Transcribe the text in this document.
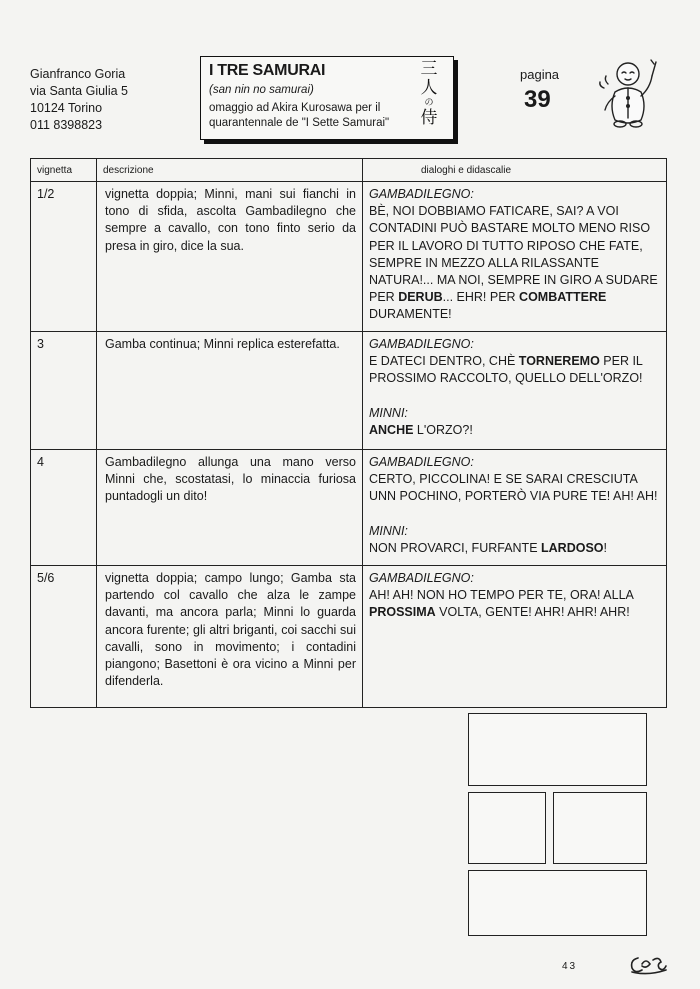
Gianfranco Goria
via Santa Giulia 5
10124 Torino
011 8398823
I TRE SAMURAI
(san nin no samurai)
omaggio ad Akira Kurosawa per il
quarantennale de "I Sette Samurai"
三
人
の
侍
pagina
39
vignetta	descrizione	dialoghi e didascalie
1/2	vignetta doppia; Minni, mani sui fianchi in tono di sfida, ascolta Gambadilegno che sempre a cavallo, con tono finto serio da presa in giro, dice la sua.	GAMBADILEGNO:
BÈ, NOI DOBBIAMO FATICARE, SAI? A VOI CONTADINI PUÒ BASTARE MOLTO MENO RISO PER IL LAVORO DI TUTTO RIPOSO CHE FATE, SEMPRE IN MEZZO ALLA RILASSANTE NATURA!... MA NOI, SEMPRE IN GIRO A SUDARE PER DERUB... EHR! PER COMBATTERE DURAMENTE!

3	Gamba continua; Minni replica esterefatta.	GAMBADILEGNO:
E DATECI DENTRO, CHÈ TORNEREMO PER IL PROSSIMO RACCOLTO, QUELLO DELL'ORZO!
MINNI:
ANCHE L'ORZO?!

4	Gambadilegno allunga una mano verso Minni che, scostatasi, lo minaccia furiosa puntadogli un dito!	GAMBADILEGNO:
CERTO, PICCOLINA! E SE SARAI CRESCIUTA UNN POCHINO, PORTERÒ VIA PURE TE! AH! AH!
MINNI:
NON PROVARCI, FURFANTE LARDOSO!

5/6	vignetta doppia; campo lungo; Gamba sta partendo col cavallo che alza le zampe davanti, ma ancora parla; Minni lo guarda ancora furente; gli altri briganti, coi sacchi sui cavalli, sono in movimento; i contadini piangono; Basettoni è ora vicino a Minni per difenderla.	GAMBADILEGNO:
AH! AH! NON HO TEMPO PER TE, ORA! ALLA PROSSIMA VOLTA, GENTE! AHR! AHR! AHR!
43
